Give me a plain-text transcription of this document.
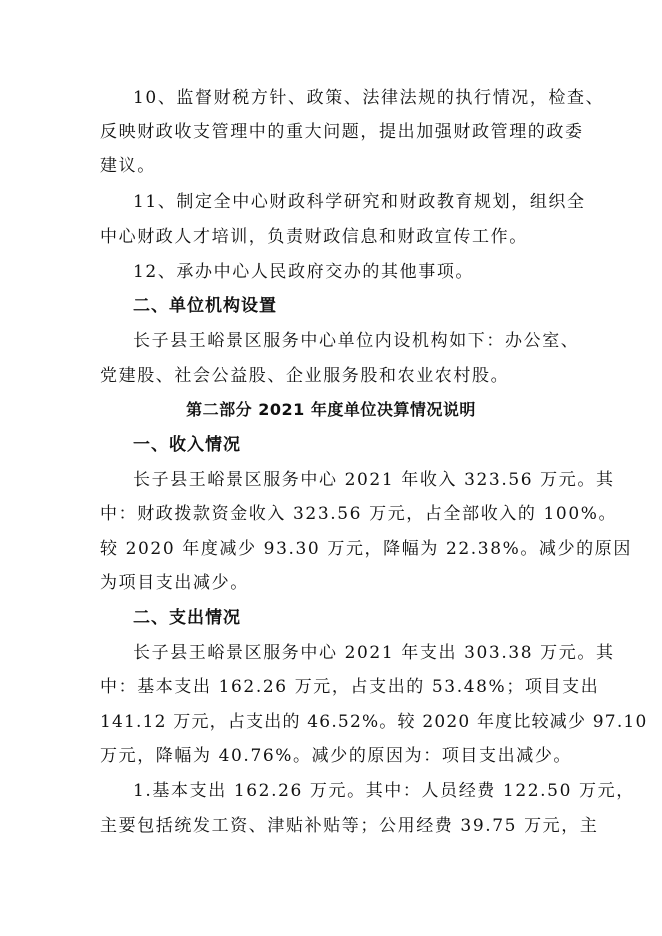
10、监督财税方针、政策、法律法规的执行情况，检查、
反映财政收支管理中的重大问题，提出加强财政管理的政委
建议。
11、制定全中心财政科学研究和财政教育规划，组织全
中心财政人才培训，负责财政信息和财政宣传工作。
12、承办中心人民政府交办的其他事项。
二、单位机构设置
长子县王峪景区服务中心单位内设机构如下：办公室、
党建股、社会公益股、企业服务股和农业农村股。
第二部分 2021 年度单位决算情况说明
一、收入情况
长子县王峪景区服务中心 2021 年收入 323.56 万元。其
中：财政拨款资金收入 323.56 万元，占全部收入的 100%。
较 2020 年度减少 93.30 万元，降幅为 22.38%。减少的原因
为项目支出减少。
二、支出情况
长子县王峪景区服务中心 2021 年支出 303.38 万元。其
中：基本支出 162.26 万元，占支出的 53.48%；项目支出
141.12 万元，占支出的 46.52%。较 2020 年度比较减少 97.10
万元，降幅为 40.76%。减少的原因为：项目支出减少。
1.基本支出 162.26 万元。其中：人员经费 122.50 万元，
主要包括统发工资、津贴补贴等；公用经费 39.75 万元，主
